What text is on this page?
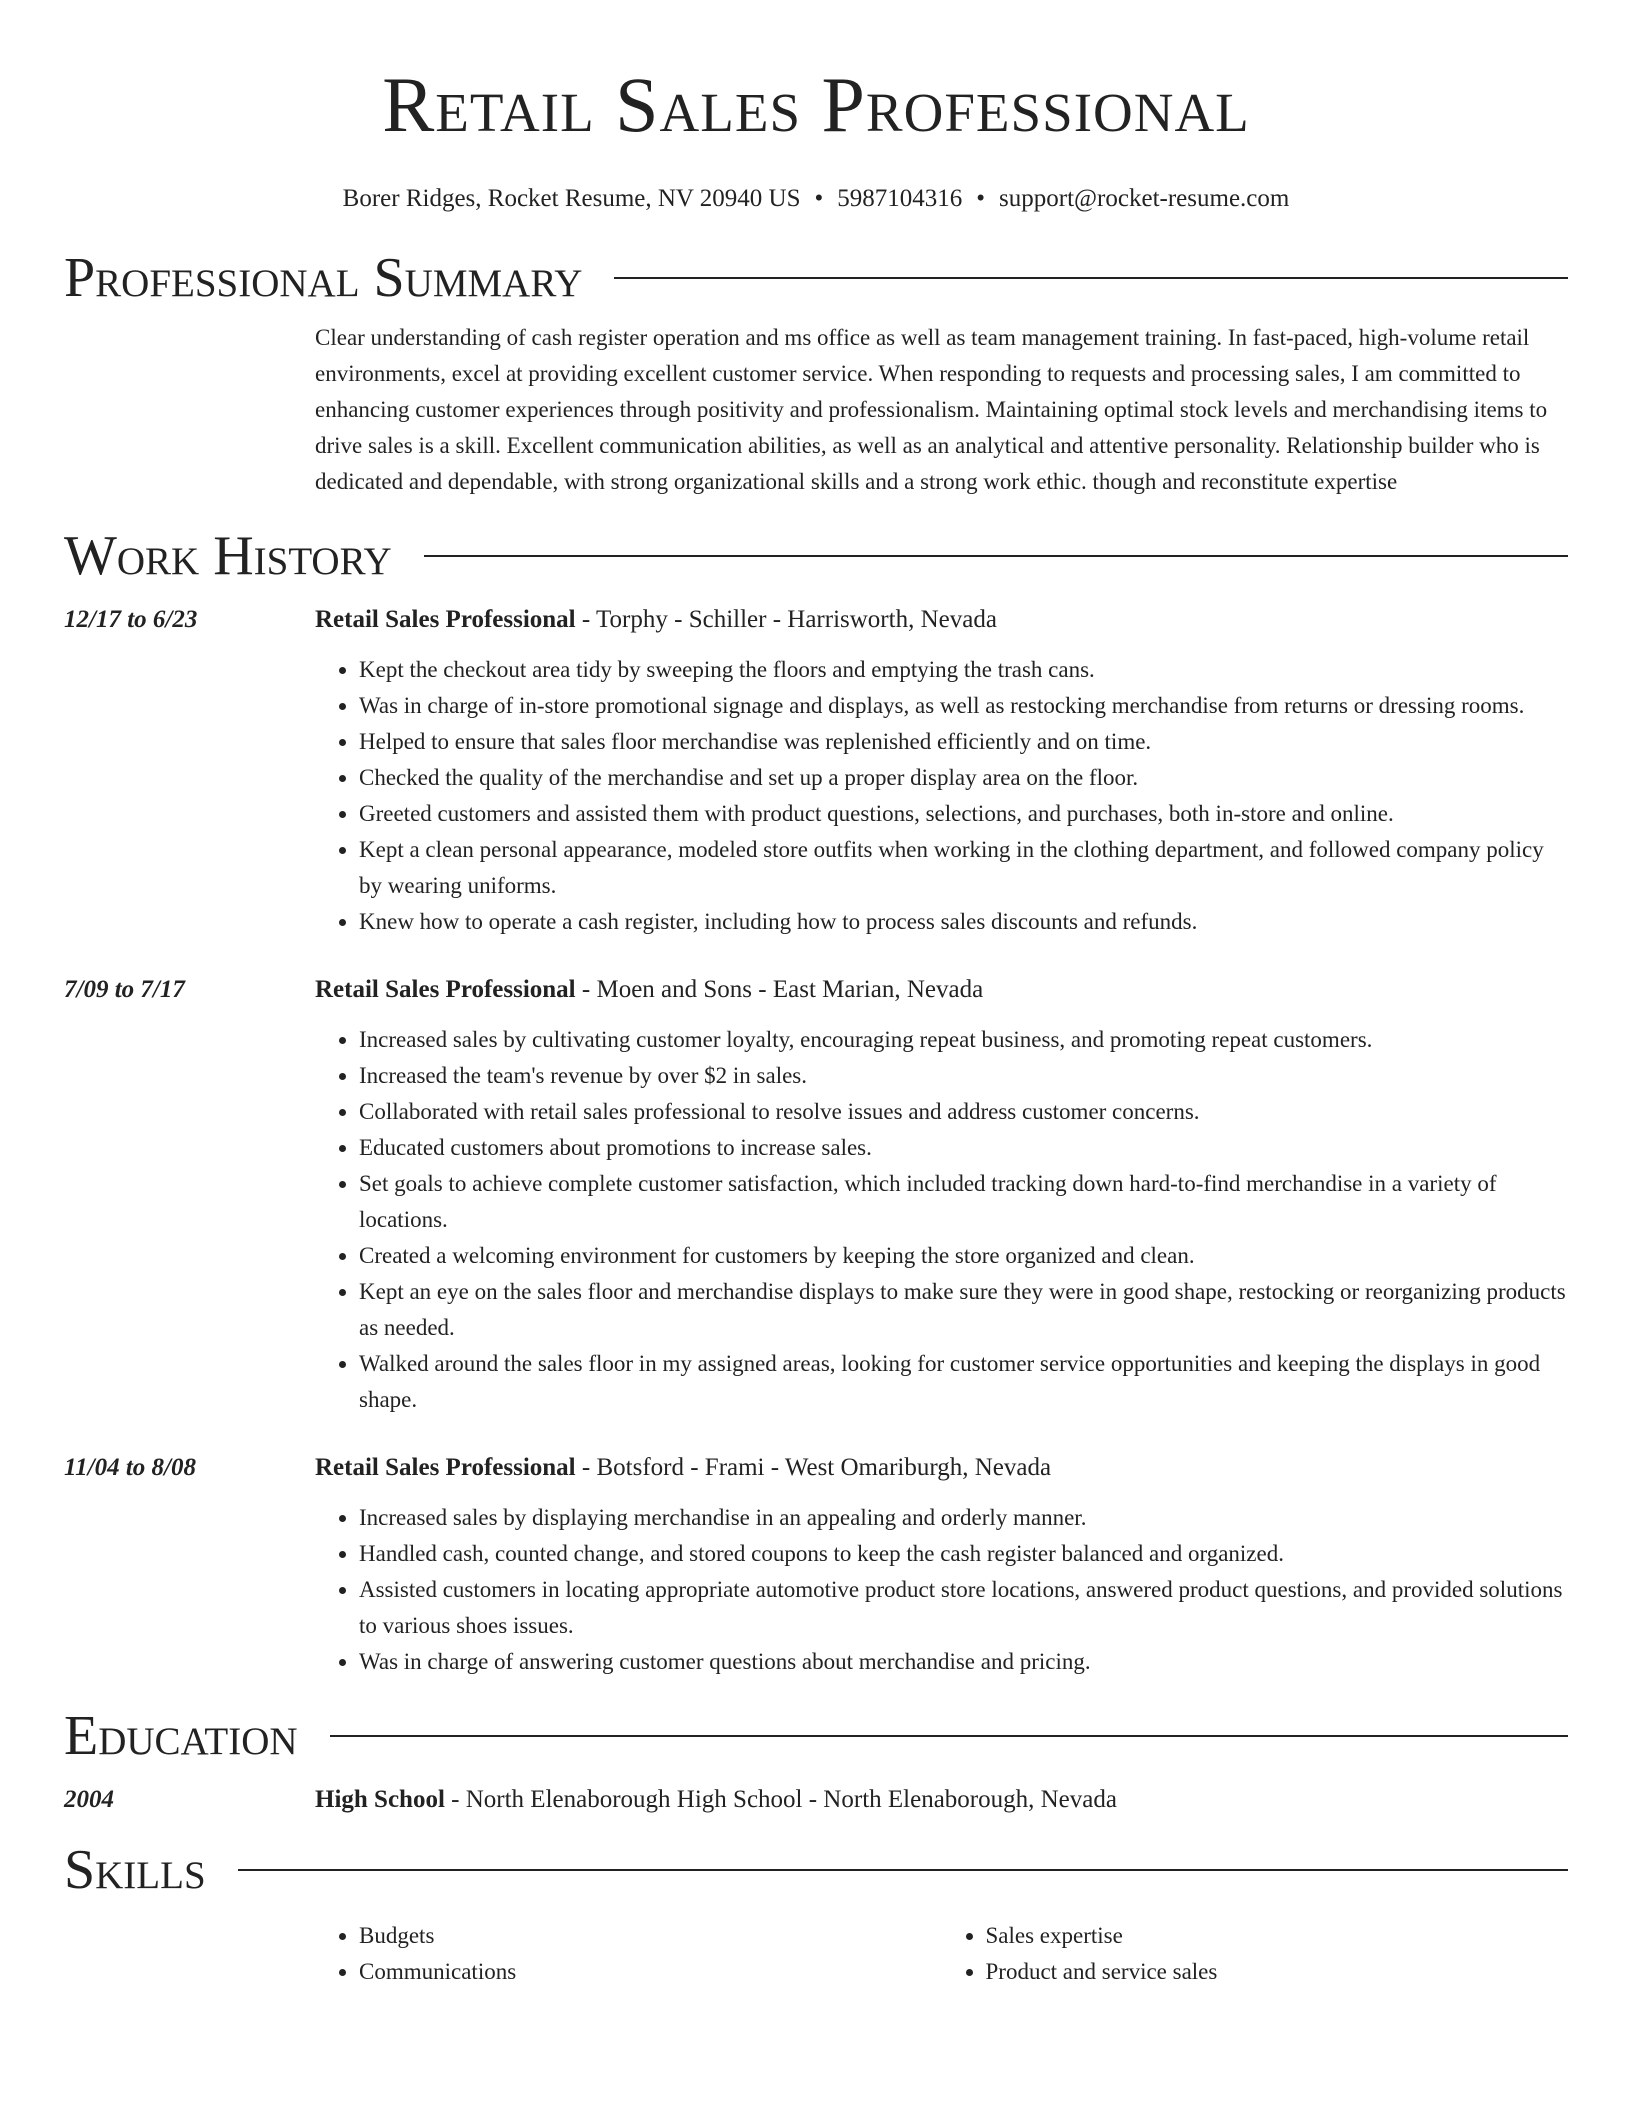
Retail Sales Professional
Borer Ridges, Rocket Resume, NV 20940 US • 5987104316 • support@rocket-resume.com
Professional Summary
Clear understanding of cash register operation and ms office as well as team management training. In fast-paced, high-volume retail environments, excel at providing excellent customer service. When responding to requests and processing sales, I am committed to enhancing customer experiences through positivity and professionalism. Maintaining optimal stock levels and merchandising items to drive sales is a skill. Excellent communication abilities, as well as an analytical and attentive personality. Relationship builder who is dedicated and dependable, with strong organizational skills and a strong work ethic. though and reconstitute expertise
Work History
12/17 to 6/23	Retail Sales Professional - Torphy - Schiller - Harrisworth, Nevada
• Kept the checkout area tidy by sweeping the floors and emptying the trash cans.
• Was in charge of in-store promotional signage and displays, as well as restocking merchandise from returns or dressing rooms.
• Helped to ensure that sales floor merchandise was replenished efficiently and on time.
• Checked the quality of the merchandise and set up a proper display area on the floor.
• Greeted customers and assisted them with product questions, selections, and purchases, both in-store and online.
• Kept a clean personal appearance, modeled store outfits when working in the clothing department, and followed company policy by wearing uniforms.
• Knew how to operate a cash register, including how to process sales discounts and refunds.
7/09 to 7/17	Retail Sales Professional - Moen and Sons - East Marian, Nevada
• Increased sales by cultivating customer loyalty, encouraging repeat business, and promoting repeat customers.
• Increased the team's revenue by over $2 in sales.
• Collaborated with retail sales professional to resolve issues and address customer concerns.
• Educated customers about promotions to increase sales.
• Set goals to achieve complete customer satisfaction, which included tracking down hard-to-find merchandise in a variety of locations.
• Created a welcoming environment for customers by keeping the store organized and clean.
• Kept an eye on the sales floor and merchandise displays to make sure they were in good shape, restocking or reorganizing products as needed.
• Walked around the sales floor in my assigned areas, looking for customer service opportunities and keeping the displays in good shape.
11/04 to 8/08	Retail Sales Professional - Botsford - Frami - West Omariburgh, Nevada
• Increased sales by displaying merchandise in an appealing and orderly manner.
• Handled cash, counted change, and stored coupons to keep the cash register balanced and organized.
• Assisted customers in locating appropriate automotive product store locations, answered product questions, and provided solutions to various shoes issues.
• Was in charge of answering customer questions about merchandise and pricing.
Education
2004	High School - North Elenaborough High School - North Elenaborough, Nevada
Skills
• Budgets
• Communications
• Sales expertise
• Product and service sales
